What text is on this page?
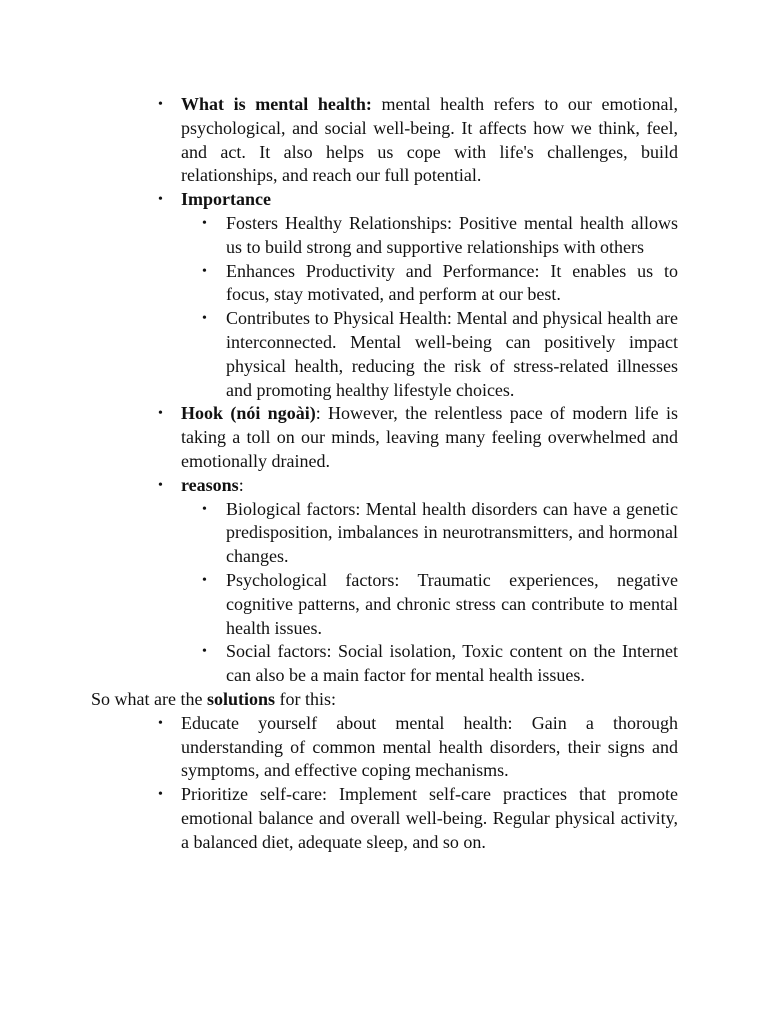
• What is mental health: mental health refers to our emotional, psychological, and social well-being. It affects how we think, feel, and act. It also helps us cope with life's challenges, build relationships, and reach our full potential.
• Importance
• Fosters Healthy Relationships: Positive mental health allows us to build strong and supportive relationships with others
• Enhances Productivity and Performance: It enables us to focus, stay motivated, and perform at our best.
• Contributes to Physical Health: Mental and physical health are interconnected. Mental well-being can positively impact physical health, reducing the risk of stress-related illnesses and promoting healthy lifestyle choices.
• Hook (nói ngoài): However, the relentless pace of modern life is taking a toll on our minds, leaving many feeling overwhelmed and emotionally drained.
• reasons:
• Biological factors: Mental health disorders can have a genetic predisposition, imbalances in neurotransmitters, and hormonal changes.
• Psychological factors: Traumatic experiences, negative cognitive patterns, and chronic stress can contribute to mental health issues.
• Social factors: Social isolation, Toxic content on the Internet can also be a main factor for mental health issues.
So what are the solutions for this:
• Educate yourself about mental health: Gain a thorough understanding of common mental health disorders, their signs and symptoms, and effective coping mechanisms.
• Prioritize self-care: Implement self-care practices that promote emotional balance and overall well-being. Regular physical activity, a balanced diet, adequate sleep, and so on.
